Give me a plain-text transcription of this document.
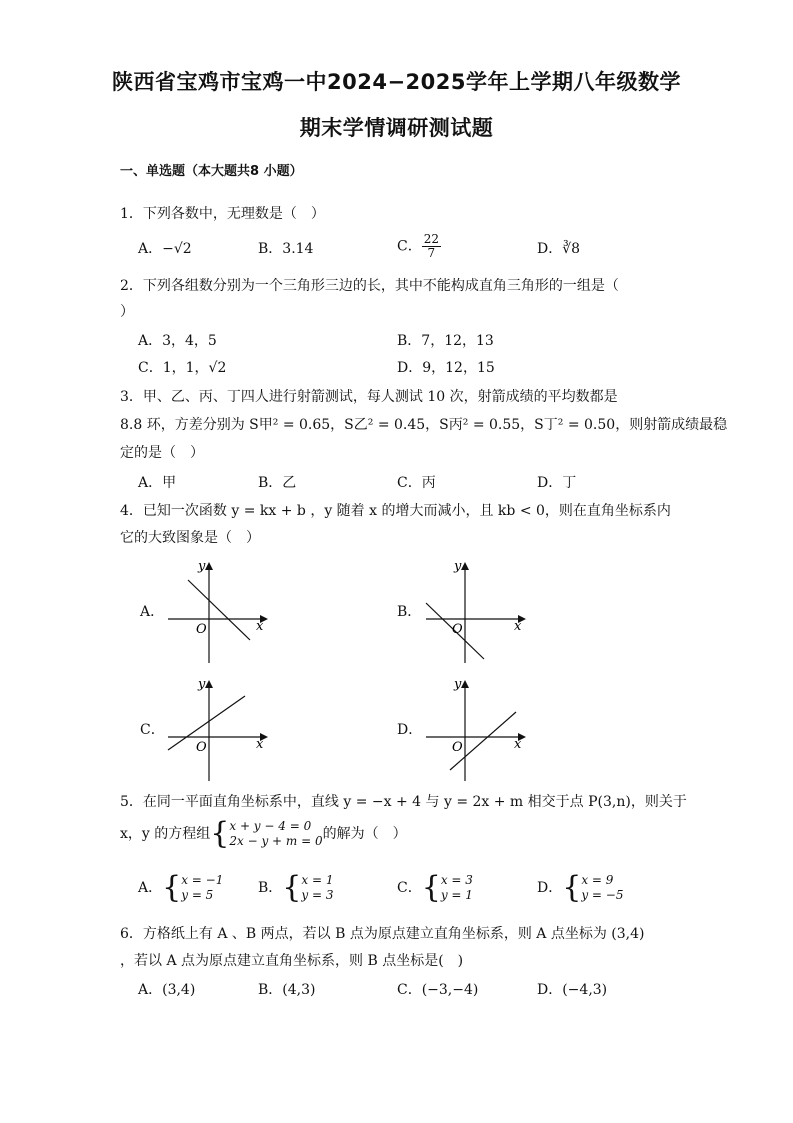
陕西省宝鸡市宝鸡一中2024−2025学年上学期八年级数学
期末学情调研测试题
一、单选题（本大题共8 小题）
1．下列各数中，无理数是（　）
A．−√2	B．3.14	C． $\frac{22}{7}$	D．∛8
2．下列各组数分别为一个三角形三边的长，其中不能构成直角三角形的一组是（
）
A．3，4，5	B．7，12，13
C．1，1，√2	D．9，12，15
3．甲、乙、丙、丁四人进行射箭测试，每人测试 10 次，射箭成绩的平均数都是
8.8 环，方差分别为 S甲² = 0.65，S乙² = 0.45，S丙² = 0.55，S丁² = 0.50，则射箭成绩最稳
定的是（　）
A．甲	B．乙	C．丙	D．丁
4．已知一次函数 y = kx + b ，y 随着 x 的增大而减小，且 kb < 0，则在直角坐标系内
它的大致图象是（　）
A．	B．
C．	D．
y
x
O
y
x
O
y
x
O
y
x
O
5．在同一平面直角坐标系中，直线 y = −x + 4 与 y = 2x + m 相交于点 P(3,n)，则关于
x，y 的方程组 { x + y − 4 = 0
2x − y + m = 0 的解为（　）
A． { x = −1
y = 5	B． { x = 1
y = 3	C． { x = 3
y = 1	D． { x = 9
y = −5
6．方格纸上有 A 、B 两点，若以 B 点为原点建立直角坐标系，则 A 点坐标为 (3,4)
，若以 A 点为原点建立直角坐标系，则 B 点坐标是(　)
A．(3,4)	B．(4,3)	C．(−3,−4)	D．(−4,3)
